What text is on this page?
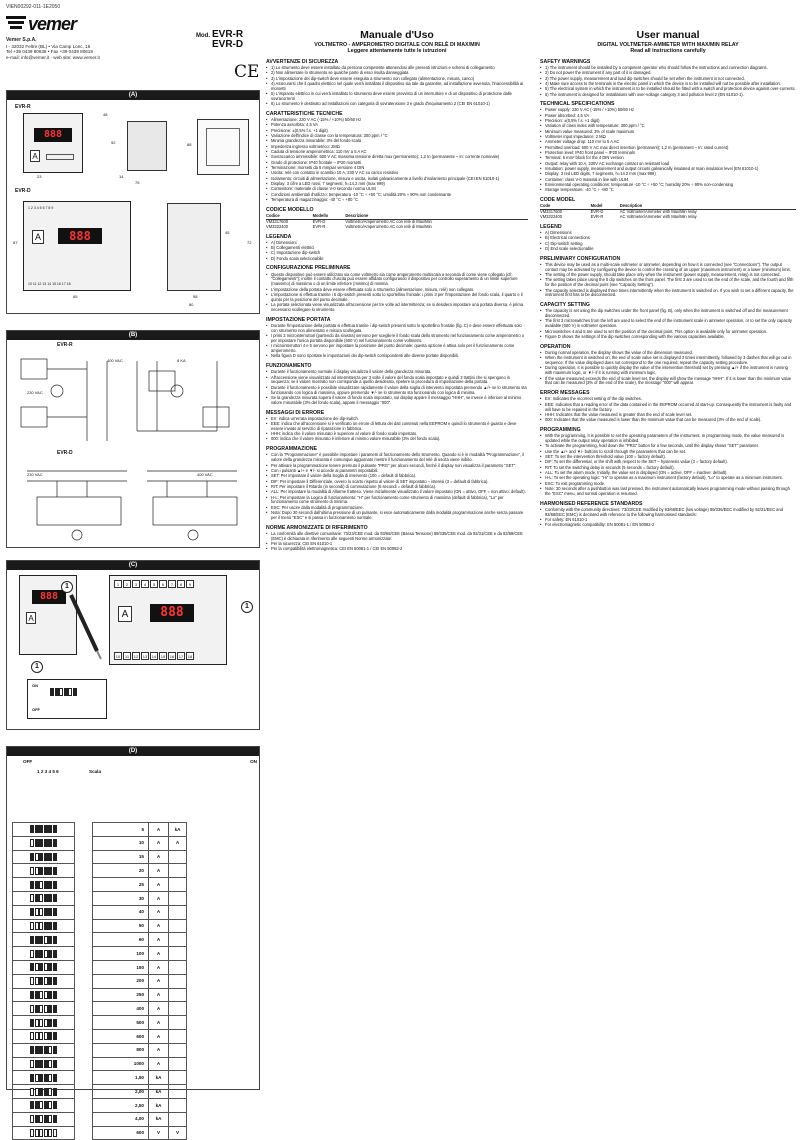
VIEN00292-011-1E2050
vemer
Vemer S.p.A.
I - 32032 Feltre (BL) • Via Camp Lonc, 16
Tel +39 0439 80638 • Fax +39 0439 80619
e-mail: info@vemer.it - web site: www.vemer.it
Mod. EVR-R
EVR-D
CE
(A)
EVR-R
888
A
48
75
14
23
92	88
EVR-D
1 2 3 4 5 6 7 8 9
888
A
10 11 12 13 14 15 16 17 18
87
65	58
80
45
72
(B)
EVR-R
400 VAC
230 VAC
8 KA
EVR-D
230 VAC	400 VAC
(C)
888
A
1 2 3 4 5 6 7 8 9
888
A
10 11 12 13 14 15 16 17 18
1
1
1
ON
OFF
(D)
OFF	ON
1 2 3 4 5 6	Scala
		5	A	kA	
		10	A	A	
		15	A		
		20	A		
		25	A		
		30	A		
		40	A		
		50	A		
		60	A		
		100	A		
		150	A		
		200	A		
		250	A		
		400	A		
		500	A		
		600	A		
		800	A		
		1000	A		
		1,50	kA		
		2,00	kA		
		2,50	kA		
		4,00	kA		
		600	V	V	
Manuale d'Uso
VOLTMETRO - AMPEROMETRO DIGITALE CON RELÈ DI MAX/MIN
Leggere attentamente tutte le istruzioni
AVVERTENZE DI SICUREZZA
• 1) Lo strumento deve essere installato da persona competente attenendosi alle presenti istruzioni e schemi di collegamento
• 2) Non alimentare lo strumento se qualche parte di esso risulta danneggiata
• 3) L'impostazione dei dip-switch deve essere eseguita a strumento non collegato (alimentazione, misura, carico)
• 4) Assicurarsi che il quadro elettrico nel quale verrà installato il dispositivo sia tale da garantire, ad installazione avvenuta, l'inaccessibilità ai morsetti
• 5) L'impianto elettrico in cui verrà installato lo strumento deve essere provvisto di un interruttore e di un dispositivo di protezione dalle sovracorrenti
• 6) Lo strumento è destinato ad installazioni con categoria di sovratensione 3 e grado d'inquinamento 2 (CEI EN 61010-1)
CARATTERISTICHE TECNICHE
• Alimentazione: 230 V AC (-15% / +10%) 50/60 Hz
• Potenza assorbita: 4,5 VA
• Precisione: ±(0,5% f.s. +1 digit)
• Variazione dell'indice di classe con la temperatura: 300 ppm / °C
• Minima grandezza misurabile: 3% del fondo scala
• Impedenza ingresso voltmetrico: 2MΩ
• Caduta di tensione amperometrica: 110 mV a 5 A AC
• Sovraccarico ammissibile: 600 V AC massima tensione diretta max (permanente); 1,2 In (permanente – In: corrente nominale)
• Grado di protezione: IP40 frontale – IP20 morsetti
• Terminazione: morsetti da 6 mmpiar versione 4 DIN
• Uscita: relè con contatto in scambio 10 A, 230 V AC su carico resistivo
• Isolamento: circuiti di alimentazione, misura e uscita, isolati galvanicamente a livello d'isolamento principale (CEI EN 61010-1)
• Display: 3 cifre a LED rossi, 7 segmenti, h=14,2 mm (max 999)
• Contenitore: materiale di classe V-0 secondo norma UL94
• Condizioni ambientali d'utilizzo: temperatura -10 °C ÷ +50 °C; umidità 20% ÷ 90% non condensante
• Temperatura di magazzinaggio: -40 °C ÷ +80 °C
CODICE MODELLO
Codice	Modello	Descrizione
VM3317600	EVR-D	Voltmetro/Amperometro AC con relè di Max/Min
VM3322400	EVR-R	Voltmetro/Amperometro AC con relè di Max/Min
LEGENDA
• A) Dimensioni
• B) Collegamenti elettrici
• C) Impostazione dip-switch
• D) Fondo scala selezionabile
CONFIGURAZIONE PRELIMINARE
• Questo dispositivo può essere utilizzato sia come voltmetro sia come amperometro multiscala a seconda di come viene collegato (cfr. "Collegamenti"); inoltre il contatto d'uscita può essere affidato configurando il dispositivo per controllo superamento di un limite superiore (massimo) di massima o di un limite inferiore (minimo) di minima.
• L'impostazione della portata deve essere effettuata solo a strumento (alimentazione, misura, relè) non collegato.
• L'impostazione si effettua tramite i 5 dip-switch presenti sotto lo sportellino frontale: i primi 3 per l'impostazione del fondo scala, il quarto e il quinto per la posizione del punto decimale.
• La portata selezionata viene visualizzata all'accensione per tre volte ad intermittenza; se si desidera impostare una portata diversa, è prima necessario scollegare lo strumento.
IMPOSTAZIONE PORTATA
• Durante l'impostazione della portata si effettua tramite i dip-switch presenti sotto lo sportellino frontale (fig. C) e deve essere effettuata solo con strumento non alimentato e misura scollegata.
• I primi 3 microinterruttori (partendo da sinistra) servono per scegliere il fondo scala dello strumento nel funzionamento come amperometro o per impostare l'unica portata disponibile (600 V) nel funzionamento come voltmetro.
• I microinterruttori 4 e 5 servono per impostare la posizione del punto decimale: questa opzione è attiva solo per il funzionamento come amperometro.
• Nella figura D sono riportate le impostazioni dei dip-switch corrispondenti alle diverse portate disponibili.
FUNZIONAMENTO
• Durante il funzionamento normale il display visualizza il valore della grandezza misurata.
• All'accensione viene visualizzato ad intermittenza per 3 volte il valore del fondo scala impostato e quindi 3 trattini che si spengono in sequenza; se il valore mostrato non corrisponde a quello desiderato, ripetere la procedura di impostazione della portata.
• Durante il funzionamento è possibile visualizzare rapidamente il valore della soglia di intervento impostata premendo ▲/+ se lo strumento sta funzionando con logica di massima, oppure premendo ▼/- se lo strumento sta funzionando con logica di minima.
• Se la grandezza misurata supera il valore di fondo scala impostato, sul display appare il messaggio "HHH", se invece è inferiore al minimo valore misurabile (3% del fondo scala), appare il messaggio "000".
MESSAGGI DI ERRORE
• Err: indica un'errata impostazione dei dip-switch.
• EEE: indica che all'accensione si è verificato un errore di lettura dei dati contenuti nella EEPROM e quindi lo strumento è guasto e deve essere inviato al servizio di riparazione in fabbrica.
• HHH: indica che il valore misurato è superiore al valore di fondo scala impostato.
• 000: indica che il valore misurato è inferiore al minimo valore misurabile (3% del fondo scala).
PROGRAMMAZIONE
• Con la "Programmazione" è possibile impostare i parametri di funzionamento dello strumento. Quando si è in modalità "Programmazione", il valore della grandezza misurata è comunque aggiornato mentre il funzionamento del relè di uscita viene inibito.
• Per attivare la programmazione tenere premuto il pulsante "PRG" per alcuni secondi, finché il display non visualizza il parametro "SET".
• Con i pulsanti ▲/+ e ▼/- si accede ai parametri impostabili.
• SET: Per impostare il valore della Soglia di intervento (100 = default di fabbrica).
• DIF: Per impostare il Differenziale, ovvero lo scarto rispetto al valore di SET impostato – isteresi (3 = default di fabbrica).
• RIT: Per impostare il Ritardo (in secondi) di commutazione (5 secondi = default di fabbrica).
• ALL: Per impostare la modalità di Allarme fratteso. Viene inizialmente visualizzato il valore impostato (ON = attivo, OFF = non attivo: default).
• H-L: Per impostare la Logica di funzionamento: "H" per funzionamento come strumento di massima (default di fabbrica), "Lo" per funzionamento come strumento di minima.
• ESC: Per uscire dalla modalità di programmazione.
• Nota: Dopo 30 secondi dall'ultima pressione di un pulsante, si esce automaticamente dalla modalità programmazione anche senza passare per il menù "ESC" e si passa in funzionamento normale.
NORME ARMONIZZATE DI RIFERIMENTO
• La conformità alle direttive comunitarie: 73/23/CEE mod. da 93/68/CEE (Bassa Tensione) 89/336/CEE mod. da 92/31/CEE e da 93/68/CEE (EMC) è dichiarata in riferimento alle seguenti Norme armonizzate:
• Per la sicurezza: CEI EN 61010-1
• Per la compatibilità elettromagnetica: CEI EN 50081-1 / CEI EN 50082-2
User manual
DIGITAL VOLTMETER-AMMETER WITH MAX/MIN RELAY
Read all instructions carefully
SAFETY WARNINGS
• 1) The instrument should be installed by a competent operator who should follow the instructions and connection diagrams.
• 2) Do not power the instrument if any part of it is damaged.
• 3) The power supply, measurement and load dip switches should be set when the instrument is not connected.
• 4) Make sure access to the terminals in the electric panel in which the device is to be installed will not be possible after installation.
• 5) The electrical system in which the instrument is to be installed should be fitted with a switch and protection device against over-currents.
• 6) The instrument is designed for installations with over-voltage category 3 and pollution level 2 (EN 61010-1).
TECHNICAL SPECIFICATIONS
• Power supply: 230 V AC (-15% / +10%) 50/60 Hz
• Power absorbed: 4,5 VA
• Precision: ±(0,5% f.s. +1 digit)
• Variation of class index with temperature: 300 ppm / °C
• Minimum value measured: 3% of scale maximum
• Voltmeter input impedance: 2 MΩ
• Ammeter voltage drop: 110 mV to 5 A AC
• Permitted overload: 600 V AC max direct insertion (permanent); 1,2 In (permanent – In: rated current)
• Protection level: IP40 front panel – IP20 terminals
• Terminal: 6 mm² block for the 4 DIN version
• Output: relay with 10 A, 230V AC exchange contact on resistant load
• Insulation: power supply, measurement and output circuits galvanically insulated at main insulation level (EN 61010-1)
• Display: 3 red LED digits, 7 segments, h=14.2 mm (max 999)
• Container: class V-0 material in line with UL94
• Environmental operating conditions: temperature -10 °C ÷ +50 °C; humidity 20% ÷ 90% non-condensing
• Storage temperature: -40 °C ÷ +80 °C
CODE MODEL
Code	Model	Description
VM3317600	EVR-D	AC Voltmeter/Ammeter with Max/Min relay
VM3322400	EVR-R	AC Voltmeter/Ammeter with Max/Min relay
LEGEND
• A) Dimensions
• B) Electrical connections
• C) Dip-switch setting
• D) End scale selectionable
PRELIMINARY CONFIGURATION
• This device may be used as a multi-scale voltmeter or ammeter, depending on how it is connected (see "Connections"). The output contact may be activated by configuring the device to control the crossing of an upper (maximum instrument) or a lower (minimum) limit.
• The setting of the power supply, should take place only when the instrument (power supply, measurement, relay) is not connected.
• The setting takes place using the 5 dip switches on the front panel. The first 3 are used to set the end of the scale, and the fourth and fifth for the position of the decimal point (see "Capacity Setting").
• The capacity selected is displayed three times intermittently when the instrument is switched on. If you wish to set a different capacity, the instrument first has to be disconnected.
CAPACITY SETTING
• The capacity is set using the dip switches under the front panel (fig. B), only when the instrument is switched off and the measurement disconnected.
• The first 3 microswitches from the left are used to select the end of the instrument scale in ammeter operation, or to set the only capacity available (600 V) in voltmeter operation.
• Microswitches 4 and 5 are used to set the position of the decimal point. This option is available only for ammeter operation.
• Figure D shows the settings of the dip switches corresponding with the various capacities available.
OPERATION
• During normal operation, the display shows the value of the dimension measured.
• When the instrument is switched on, the end of scale value set is displayed 3 times intermittently, followed by 3 dashes that will go out in sequence. If the value displayed does not correspond to the one required, repeat the capacity setting procedure.
• During operation, it is possible to quickly display the value of the intervention threshold set by pressing ▲/+ if the instrument is running with maximum logic, or ▼/- if it is running with minimum logic.
• If the value measured exceeds the end of scale level set, the display will show the message "HHH". If it is lower than the minimum value that can be measured (3% of the end of the scale), the message "000" will appear.
ERROR MESSAGES
• Err: Indicates the incorrect setting of the dip switches.
• EEE: Indicates that a reading error of the data contained in the EEPROM occurred at start-up. Consequently the instrument is faulty and will have to be repaired in the factory.
• HHH: Indicates that the value measured is greater than the end of scale level set.
• 000: Indicates that the value measured is lower than the minimum value that can be measured (3% of the end of scale).
PROGRAMMING
• With the programming, it is possible to set the operating parameters of the instrument. In programming mode, the value measured is updated while the output relay operation is inhibited.
• To activate the programming, hold down the "PRG" button for a few seconds, until the display shows "SET" parameter.
• Use the ▲/+ and ▼/- buttons to scroll through the parameters that can be set.
• SET: To set the intervention threshold value (100 = factory default).
• DIF: To set the differential, or the shift with respect to the SET – hysteresis value (3 = factory default).
• RIT: To set the switching delay in seconds (5 seconds = factory default).
• ALL: To set the alarm mode. Initially, the value set is displayed (ON = active, OFF = inactive: default).
• H-L: To set the operating logic: "Hi" to operate as a maximum instrument (factory default), "Lo" to operate as a minimum instrument.
• ESC: To exit programming mode.
• Note: 30 seconds after a pushbutton was last pressed, the instrument automatically leaves programming mode without passing through the "ESC" menu, and normal operation is resumed.
HARMONISED REFERENCE STANDARDS
• Conformity with the community directives: 73/23/CEE modified by 93/68/EEC (low voltage) 89/336/EEC modified by 92/31/EEC and 93/68/EEC (EMC) is declared with reference to the following harmonised standards:
• For safety: EN 61010-1
• For electromagnetic compatibility: EN 50081-1 / EN 50082-2
